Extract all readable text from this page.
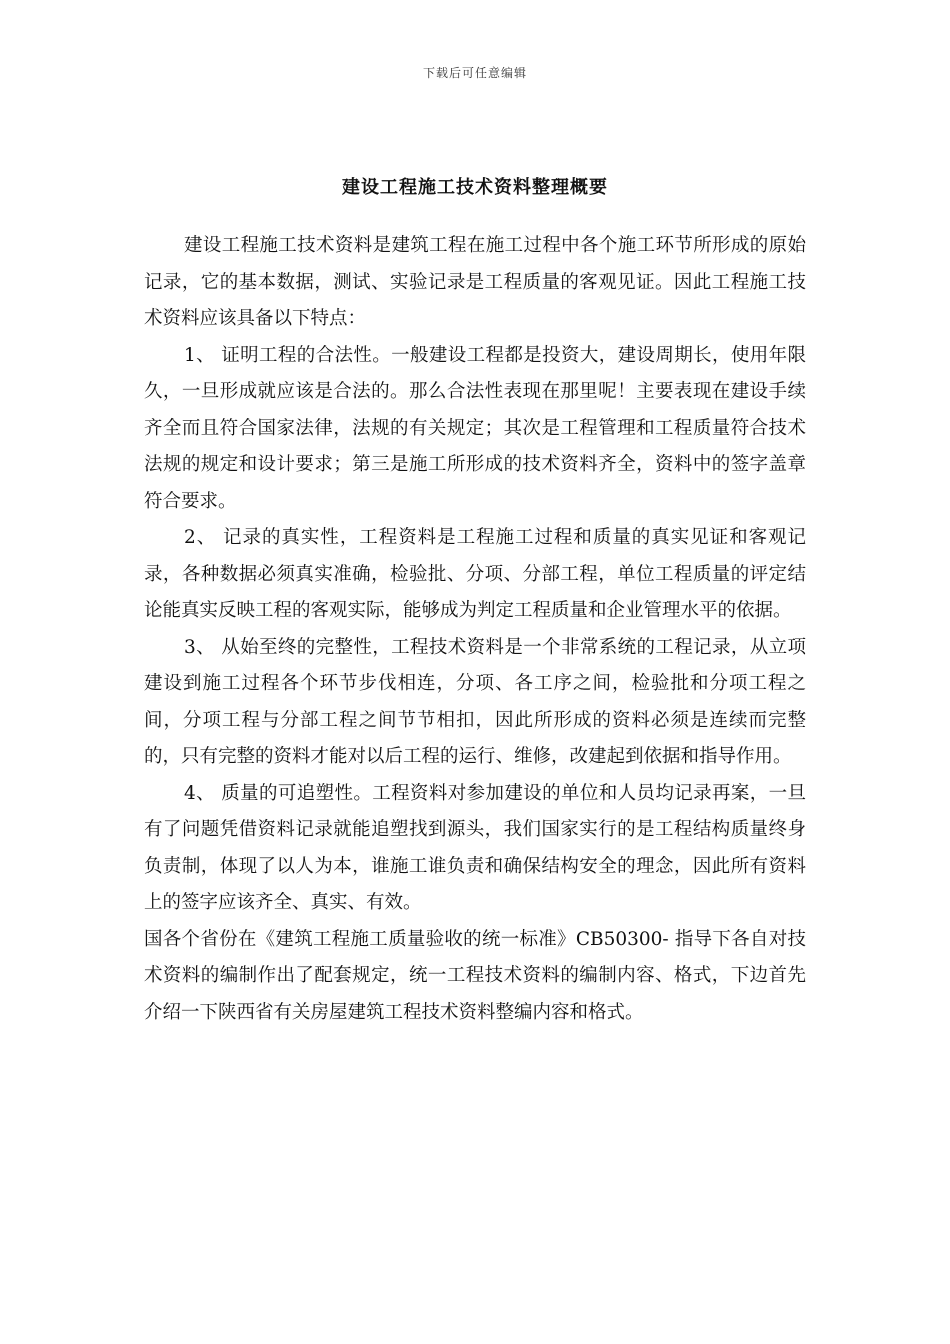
下载后可任意编辑
建设工程施工技术资料整理概要

建设工程施工技术资料是建筑工程在施工过程中各个施工环节所形成的原始记录，它的基本数据，测试、实验记录是工程质量的客观见证。因此工程施工技术资料应该具备以下特点：

1、 证明工程的合法性。一般建设工程都是投资大，建设周期长，使用年限久，一旦形成就应该是合法的。那么合法性表现在那里呢！主要表现在建设手续齐全而且符合国家法律，法规的有关规定；其次是工程管理和工程质量符合技术法规的规定和设计要求；第三是施工所形成的技术资料齐全，资料中的签字盖章符合要求。

2、 记录的真实性，工程资料是工程施工过程和质量的真实见证和客观记录，各种数据必须真实准确，检验批、分项、分部工程，单位工程质量的评定结论能真实反映工程的客观实际，能够成为判定工程质量和企业管理水平的依据。

3、 从始至终的完整性，工程技术资料是一个非常系统的工程记录，从立项建设到施工过程各个环节步伐相连，分项、各工序之间，检验批和分项工程之间，分项工程与分部工程之间节节相扣，因此所形成的资料必须是连续而完整的，只有完整的资料才能对以后工程的运行、维修，改建起到依据和指导作用。

4、 质量的可追塑性。工程资料对参加建设的单位和人员均记录再案，一旦有了问题凭借资料记录就能追塑找到源头，我们国家实行的是工程结构质量终身负责制，体现了以人为本，谁施工谁负责和确保结构安全的理念，因此所有资料上的签字应该齐全、真实、有效。

国各个省份在《建筑工程施工质量验收的统一标准》CB50300- 指导下各自对技术资料的编制作出了配套规定，统一工程技术资料的编制内容、格式，下边首先介绍一下陕西省有关房屋建筑工程技术资料整编内容和格式。
